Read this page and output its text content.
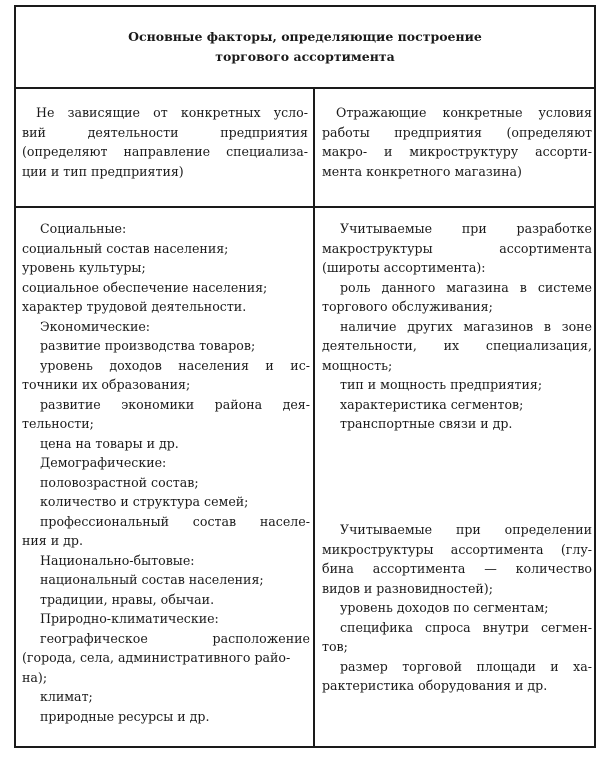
Основные факторы, определяющие построение
торгового ассортимента
Не зависящие от конкретных усло-
вий деятельности предприятия
(определяют направление специализа-
ции и тип предприятия)
Отражающие конкретные условия
работы предприятия (определяют
макро- и микроструктуру ассорти-
мента конкретного магазина)
Социальные:
социальный состав населения;
уровень культуры;
социальное обеспечение населения;
характер трудовой деятельности.
Экономические:
развитие производства товаров;
уровень доходов населения и ис-
точники их образования;
развитие экономики района дея-
тельности;
цена на товары и др.
Демографические:
половозрастной состав;
количество и структура семей;
профессиональный состав населе-
ния и др.
Национально-бытовые:
национальный состав населения;
традиции, нравы, обычаи.
Природно-климатические:
географическое расположение
(города, села, административного райо-
на);
климат;
природные ресурсы и др.
Учитываемые при разработке
макроструктуры ассортимента
(широты ассортимента):
роль данного магазина в системе
торгового обслуживания;
наличие других магазинов в зоне
деятельности, их специализация,
мощность;
тип и мощность предприятия;
характеристика сегментов;
транспортные связи и др.
Учитываемые при определении
микроструктуры ассортимента (глу-
бина ассортимента — количество
видов и разновидностей);
уровень доходов по сегментам;
специфика спроса внутри сегмен-
тов;
размер торговой площади и ха-
рактеристика оборудования и др.
